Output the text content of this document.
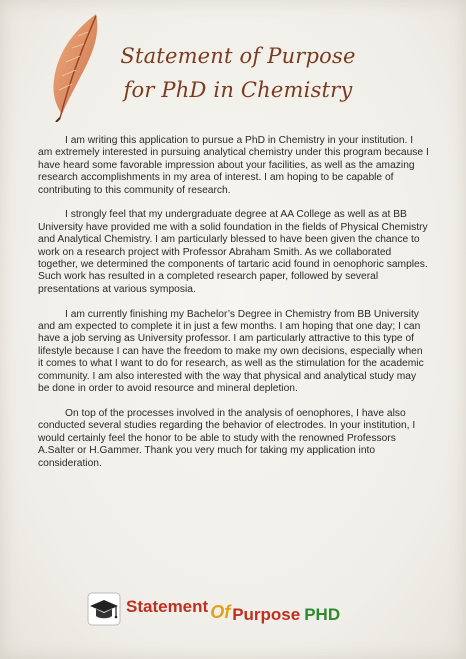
Statement of Purpose
for PhD in Chemistry

I am writing this application to pursue a PhD in Chemistry in your institution. I am extremely interested in pursuing analytical chemistry under this program because I have heard some favorable impression about your facilities, as well as the amazing research accomplishments in my area of interest. I am hoping to be capable of contributing to this community of research.

I strongly feel that my undergraduate degree at AA College as well as at BB University have provided me with a solid foundation in the fields of Physical Chemistry and Analytical Chemistry. I am particularly blessed to have been given the chance to work on a research project with Professor Abraham Smith. As we collaborated together, we determined the components of tartaric acid found in oenophoric samples. Such work has resulted in a completed research paper, followed by several presentations at various symposia.

I am currently finishing my Bachelor’s Degree in Chemistry from BB University and am expected to complete it in just a few months. I am hoping that one day; I can have a job serving as University professor. I am particularly attractive to this type of lifestyle because I can have the freedom to make my own decisions, especially when it comes to what I want to do for research, as well as the stimulation for the academic community. I am also interested with the way that physical and analytical study may be done in order to avoid resource and mineral depletion.

On top of the processes involved in the analysis of oenophores, I have also conducted several studies regarding the behavior of electrodes. In your institution, I would certainly feel the honor to be able to study with the renowned Professors A.Salter or H.Gammer. Thank you very much for taking my application into consideration.

Statement Of Purpose PHD
